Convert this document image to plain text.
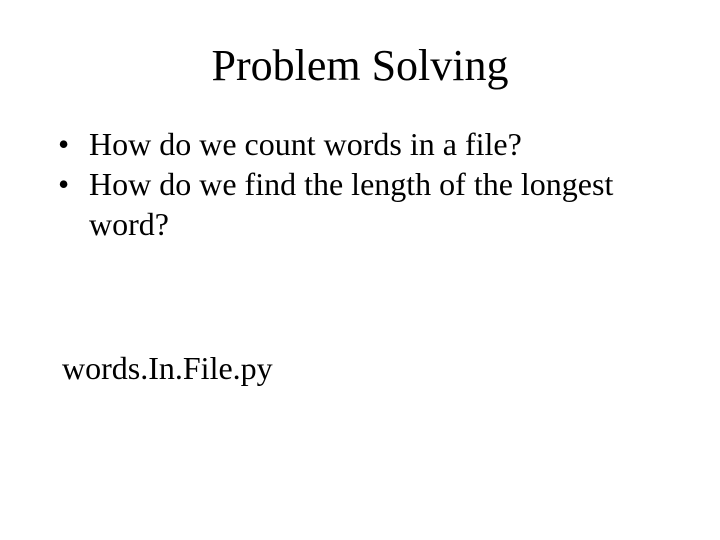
Problem Solving
• How do we count words in a file?
• How do we find the length of the longest word?
words.In.File.py
